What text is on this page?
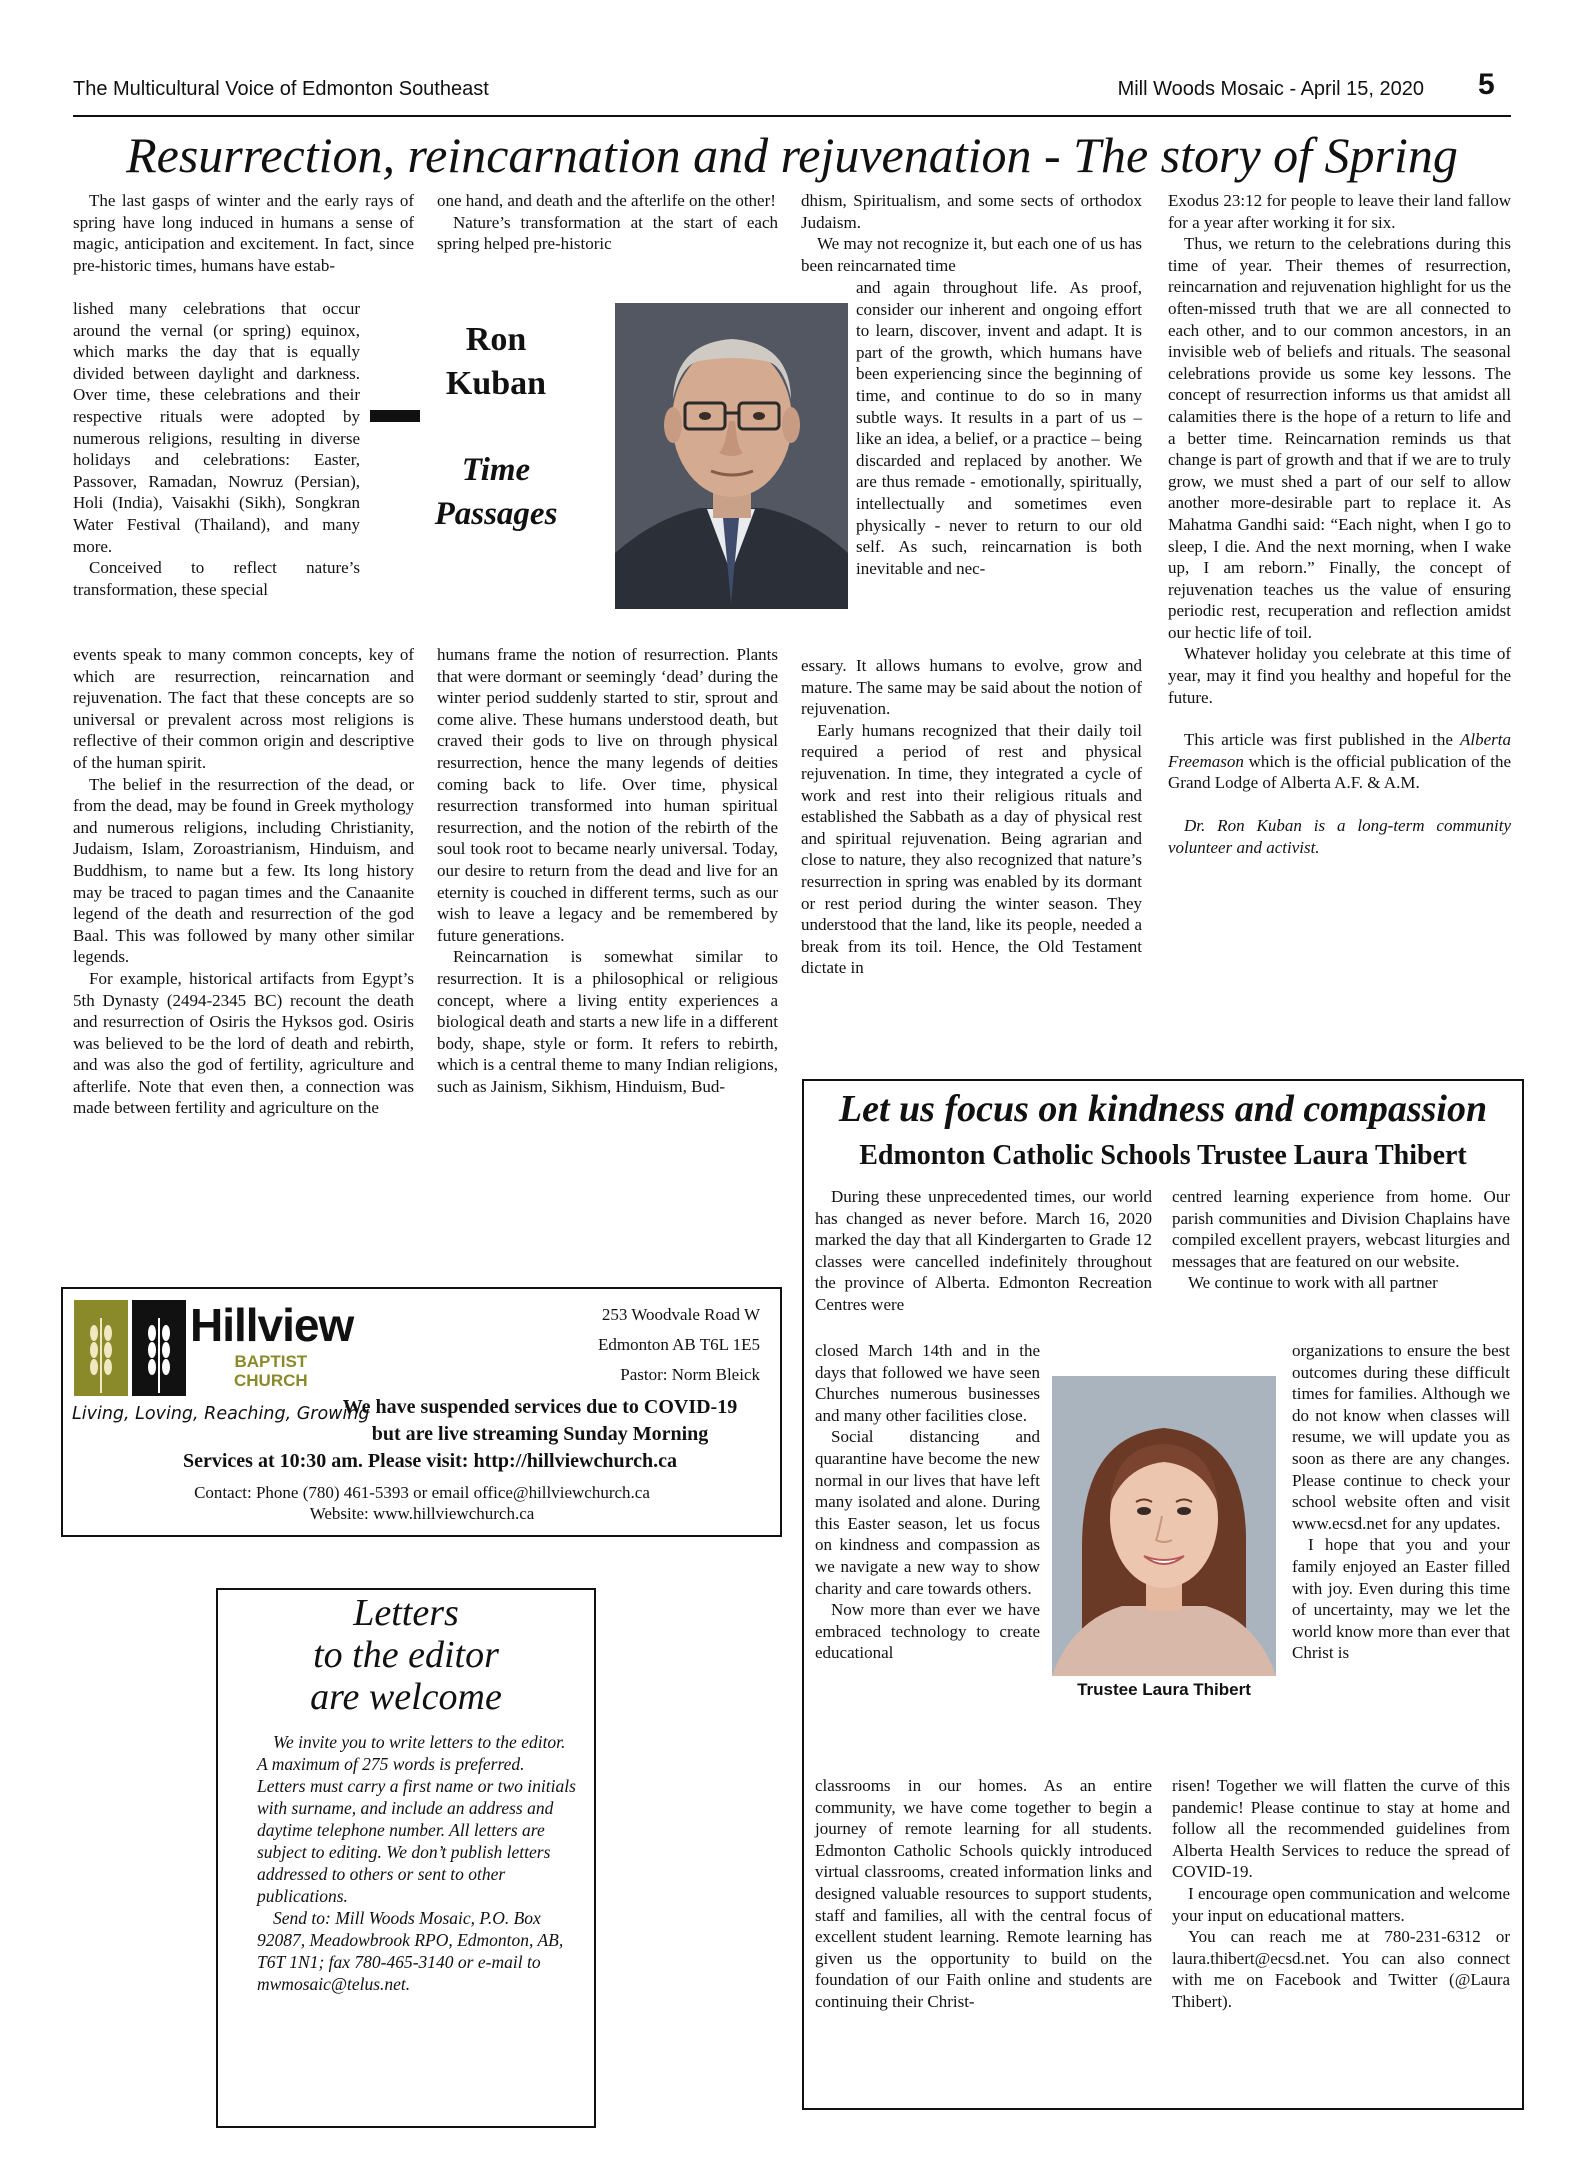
The Multicultural Voice of Edmonton Southeast	Mill Woods Mosaic - April 15, 2020 5
Resurrection, reincarnation and rejuvenation - The story of Spring

The last gasps of winter and the early rays of spring have long induced in humans a sense of magic, anticipation and excitement. In fact, since pre-historic times, humans have estab-

lished many celebrations that occur around the vernal (or spring) equinox, which marks the day that is equally divided between daylight and darkness. Over time, these celebrations and their respective rituals were adopted by numerous religions, resulting in diverse holidays and celebrations: Easter, Passover, Ramadan, Nowruz (Persian), Holi (India), Vaisakhi (Sikh), Songkran Water Festival (Thailand), and many more.

Conceived to reflect nature’s transformation, these special

events speak to many common concepts, key of which are resurrection, reincarnation and rejuvenation. The fact that these concepts are so universal or prevalent across most religions is reflective of their common origin and descriptive of the human spirit.

The belief in the resurrection of the dead, or from the dead, may be found in Greek mythology and numerous religions, including Christianity, Judaism, Islam, Zoroastrianism, Hinduism, and Buddhism, to name but a few. Its long history may be traced to pagan times and the Canaanite legend of the death and resurrection of the god Baal. This was followed by many other similar legends.

For example, historical artifacts from Egypt’s 5th Dynasty (2494-2345 BC) recount the death and resurrection of Osiris the Hyksos god. Osiris was believed to be the lord of death and rebirth, and was also the god of fertility, agriculture and afterlife. Note that even then, a connection was made between fertility and agriculture on the

one hand, and death and the afterlife on the other!

Nature’s transformation at the start of each spring helped pre-historic

humans frame the notion of resurrection. Plants that were dormant or seemingly ‘dead’ during the winter period suddenly started to stir, sprout and come alive. These humans understood death, but craved their gods to live on through physical resurrection, hence the many legends of deities coming back to life. Over time, physical resurrection transformed into human spiritual resurrection, and the notion of the rebirth of the soul took root to became nearly universal. Today, our desire to return from the dead and live for an eternity is couched in different terms, such as our wish to leave a legacy and be remembered by future generations.

Reincarnation is somewhat similar to resurrection. It is a philosophical or religious concept, where a living entity experiences a biological death and starts a new life in a different body, shape, style or form. It refers to rebirth, which is a central theme to many Indian religions, such as Jainism, Sikhism, Hinduism, Bud-

Ron
Kuban
Time
Passages

dhism, Spiritualism, and some sects of orthodox Judaism.

We may not recognize it, but each one of us has been reincarnated time

and again throughout life. As proof, consider our inherent and ongoing effort to learn, discover, invent and adapt. It is part of the growth, which humans have been experiencing since the beginning of time, and continue to do so in many subtle ways. It results in a part of us – like an idea, a belief, or a practice – being discarded and replaced by another. We are thus remade - emotionally, spiritually, intellectually and sometimes even physically - never to return to our old self. As such, reincarnation is both inevitable and nec-

essary. It allows humans to evolve, grow and mature. The same may be said about the notion of rejuvenation.

Early humans recognized that their daily toil required a period of rest and physical rejuvenation. In time, they integrated a cycle of work and rest into their religious rituals and established the Sabbath as a day of physical rest and spiritual rejuvenation. Being agrarian and close to nature, they also recognized that nature’s resurrection in spring was enabled by its dormant or rest period during the winter season. They understood that the land, like its people, needed a break from its toil. Hence, the Old Testament dictate in

Exodus 23:12 for people to leave their land fallow for a year after working it for six.

Thus, we return to the celebrations during this time of year. Their themes of resurrection, reincarnation and rejuvenation highlight for us the often-missed truth that we are all connected to each other, and to our common ancestors, in an invisible web of beliefs and rituals. The seasonal celebrations provide us some key lessons. The concept of resurrection informs us that amidst all calamities there is the hope of a return to life and a better time. Reincarnation reminds us that change is part of growth and that if we are to truly grow, we must shed a part of our self to allow another more-desirable part to replace it. As Mahatma Gandhi said: “Each night, when I go to sleep, I die. And the next morning, when I wake up, I am reborn.” Finally, the concept of rejuvenation teaches us the value of ensuring periodic rest, recuperation and reflection amidst our hectic life of toil.

Whatever holiday you celebrate at this time of year, may it find you healthy and hopeful for the future.

This article was first published in the Alberta Freemason which is the official publication of the Grand Lodge of Alberta A.F. & A.M.

Dr. Ron Kuban is a long-term community volunteer and activist.

Let us focus on kindness and compassion
Edmonton Catholic Schools Trustee Laura Thibert

During these unprecedented times, our world has changed as never before. March 16, 2020 marked the day that all Kindergarten to Grade 12 classes were cancelled indefinitely throughout the province of Alberta. Edmonton Recreation Centres were

closed March 14th and in the days that followed we have seen Churches numerous businesses and many other facilities close.

Social distancing and quarantine have become the new normal in our lives that have left many isolated and alone. During this Easter season, let us focus on kindness and compassion as we navigate a new way to show charity and care towards others.

Now more than ever we have embraced technology to create educational

classrooms in our homes. As an entire community, we have come together to begin a journey of remote learning for all students. Edmonton Catholic Schools quickly introduced virtual classrooms, created information links and designed valuable resources to support students, staff and families, all with the central focus of excellent student learning. Remote learning has given us the opportunity to build on the foundation of our Faith online and students are continuing their Christ-

centred learning experience from home. Our parish communities and Division Chaplains have compiled excellent prayers, webcast liturgies and messages that are featured on our website.

We continue to work with all partner

organizations to ensure the best outcomes during these difficult times for families. Although we do not know when classes will resume, we will update you as soon as there are any changes. Please continue to check your school website often and visit www.ecsd.net for any updates.

I hope that you and your family enjoyed an Easter filled with joy. Even during this time of uncertainty, may we let the world know more than ever that Christ is

risen! Together we will flatten the curve of this pandemic! Please continue to stay at home and follow all the recommended guidelines from Alberta Health Services to reduce the spread of COVID-19.

I encourage open communication and welcome your input on educational matters.

You can reach me at 780-231-6312 or laura.thibert@ecsd.net. You can also connect with me on Facebook and Twitter (@Laura Thibert).

Trustee Laura Thibert
Hillview
BAPTIST
CHURCH
Living, Loving, Reaching, Growing
253 Woodvale Road W
Edmonton AB T6L 1E5
Pastor: Norm Bleick
We have suspended services due to COVID-19
but are live streaming Sunday Morning
Services at 10:30 am. Please visit: http://hillviewchurch.ca
Contact: Phone (780) 461-5393 or email office@hillviewchurch.ca
Website: www.hillviewchurch.ca
Letters
to the editor
are welcome

We invite you to write letters to the editor. A maximum of 275 words is preferred. Letters must carry a first name or two initials with surname, and include an address and daytime telephone number. All letters are subject to editing. We don’t publish letters addressed to others or sent to other publications.

Send to: Mill Woods Mosaic, P.O. Box 92087, Meadowbrook RPO, Edmonton, AB, T6T 1N1; fax 780-465-3140 or e-mail to mwmosaic@telus.net.
